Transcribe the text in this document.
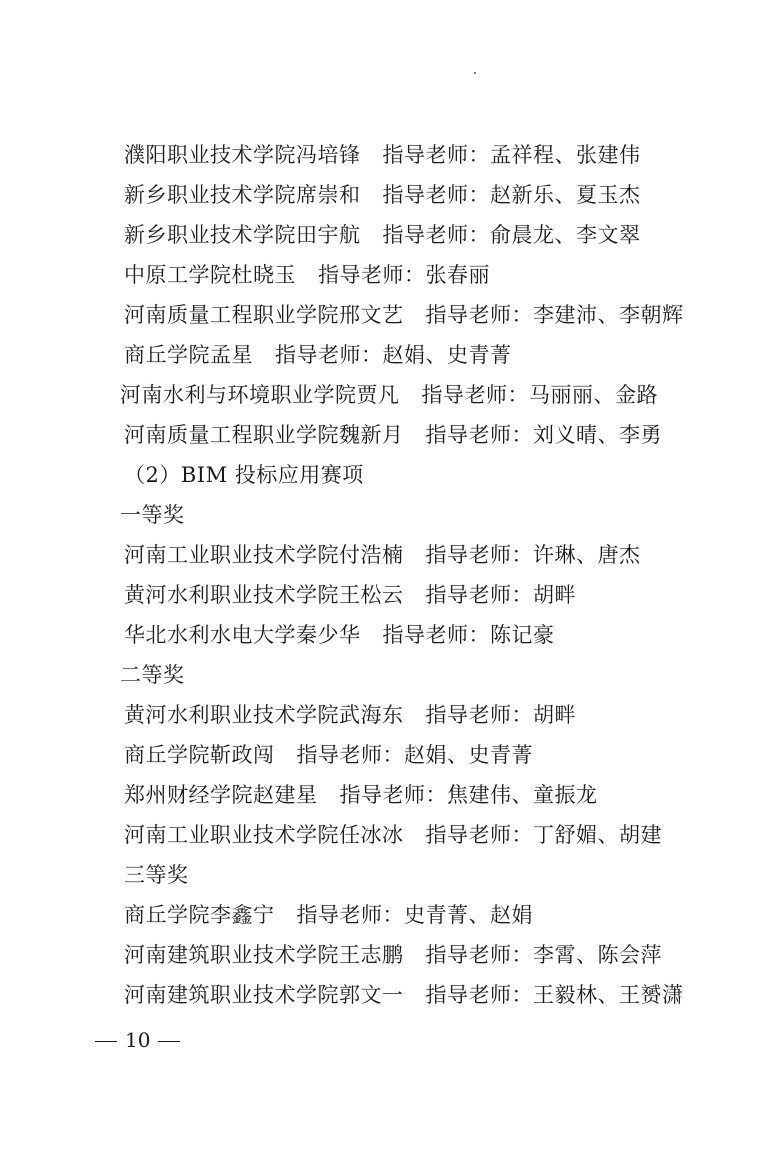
濮阳职业技术学院冯培锋 指导老师：孟祥程、张建伟
新乡职业技术学院席崇和 指导老师：赵新乐、夏玉杰
新乡职业技术学院田宇航 指导老师：俞晨龙、李文翠
中原工学院杜晓玉 指导老师：张春丽
河南质量工程职业学院邢文艺 指导老师：李建沛、李朝辉
商丘学院孟星 指导老师：赵娟、史青菁
河南水利与环境职业学院贾凡 指导老师：马丽丽、金路
河南质量工程职业学院魏新月 指导老师：刘义晴、李勇
（2）BIM 投标应用赛项
一等奖
河南工业职业技术学院付浩楠 指导老师：许琳、唐杰
黄河水利职业技术学院王松云 指导老师：胡畔
华北水利水电大学秦少华 指导老师：陈记豪
二等奖
黄河水利职业技术学院武海东 指导老师：胡畔
商丘学院靳政闯 指导老师：赵娟、史青菁
郑州财经学院赵建星 指导老师：焦建伟、童振龙
河南工业职业技术学院任冰冰 指导老师：丁舒媚、胡建
三等奖
商丘学院李鑫宁 指导老师：史青菁、赵娟
河南建筑职业技术学院王志鹏 指导老师：李霄、陈会萍
河南建筑职业技术学院郭文一 指导老师：王毅林、王赟潇
10
